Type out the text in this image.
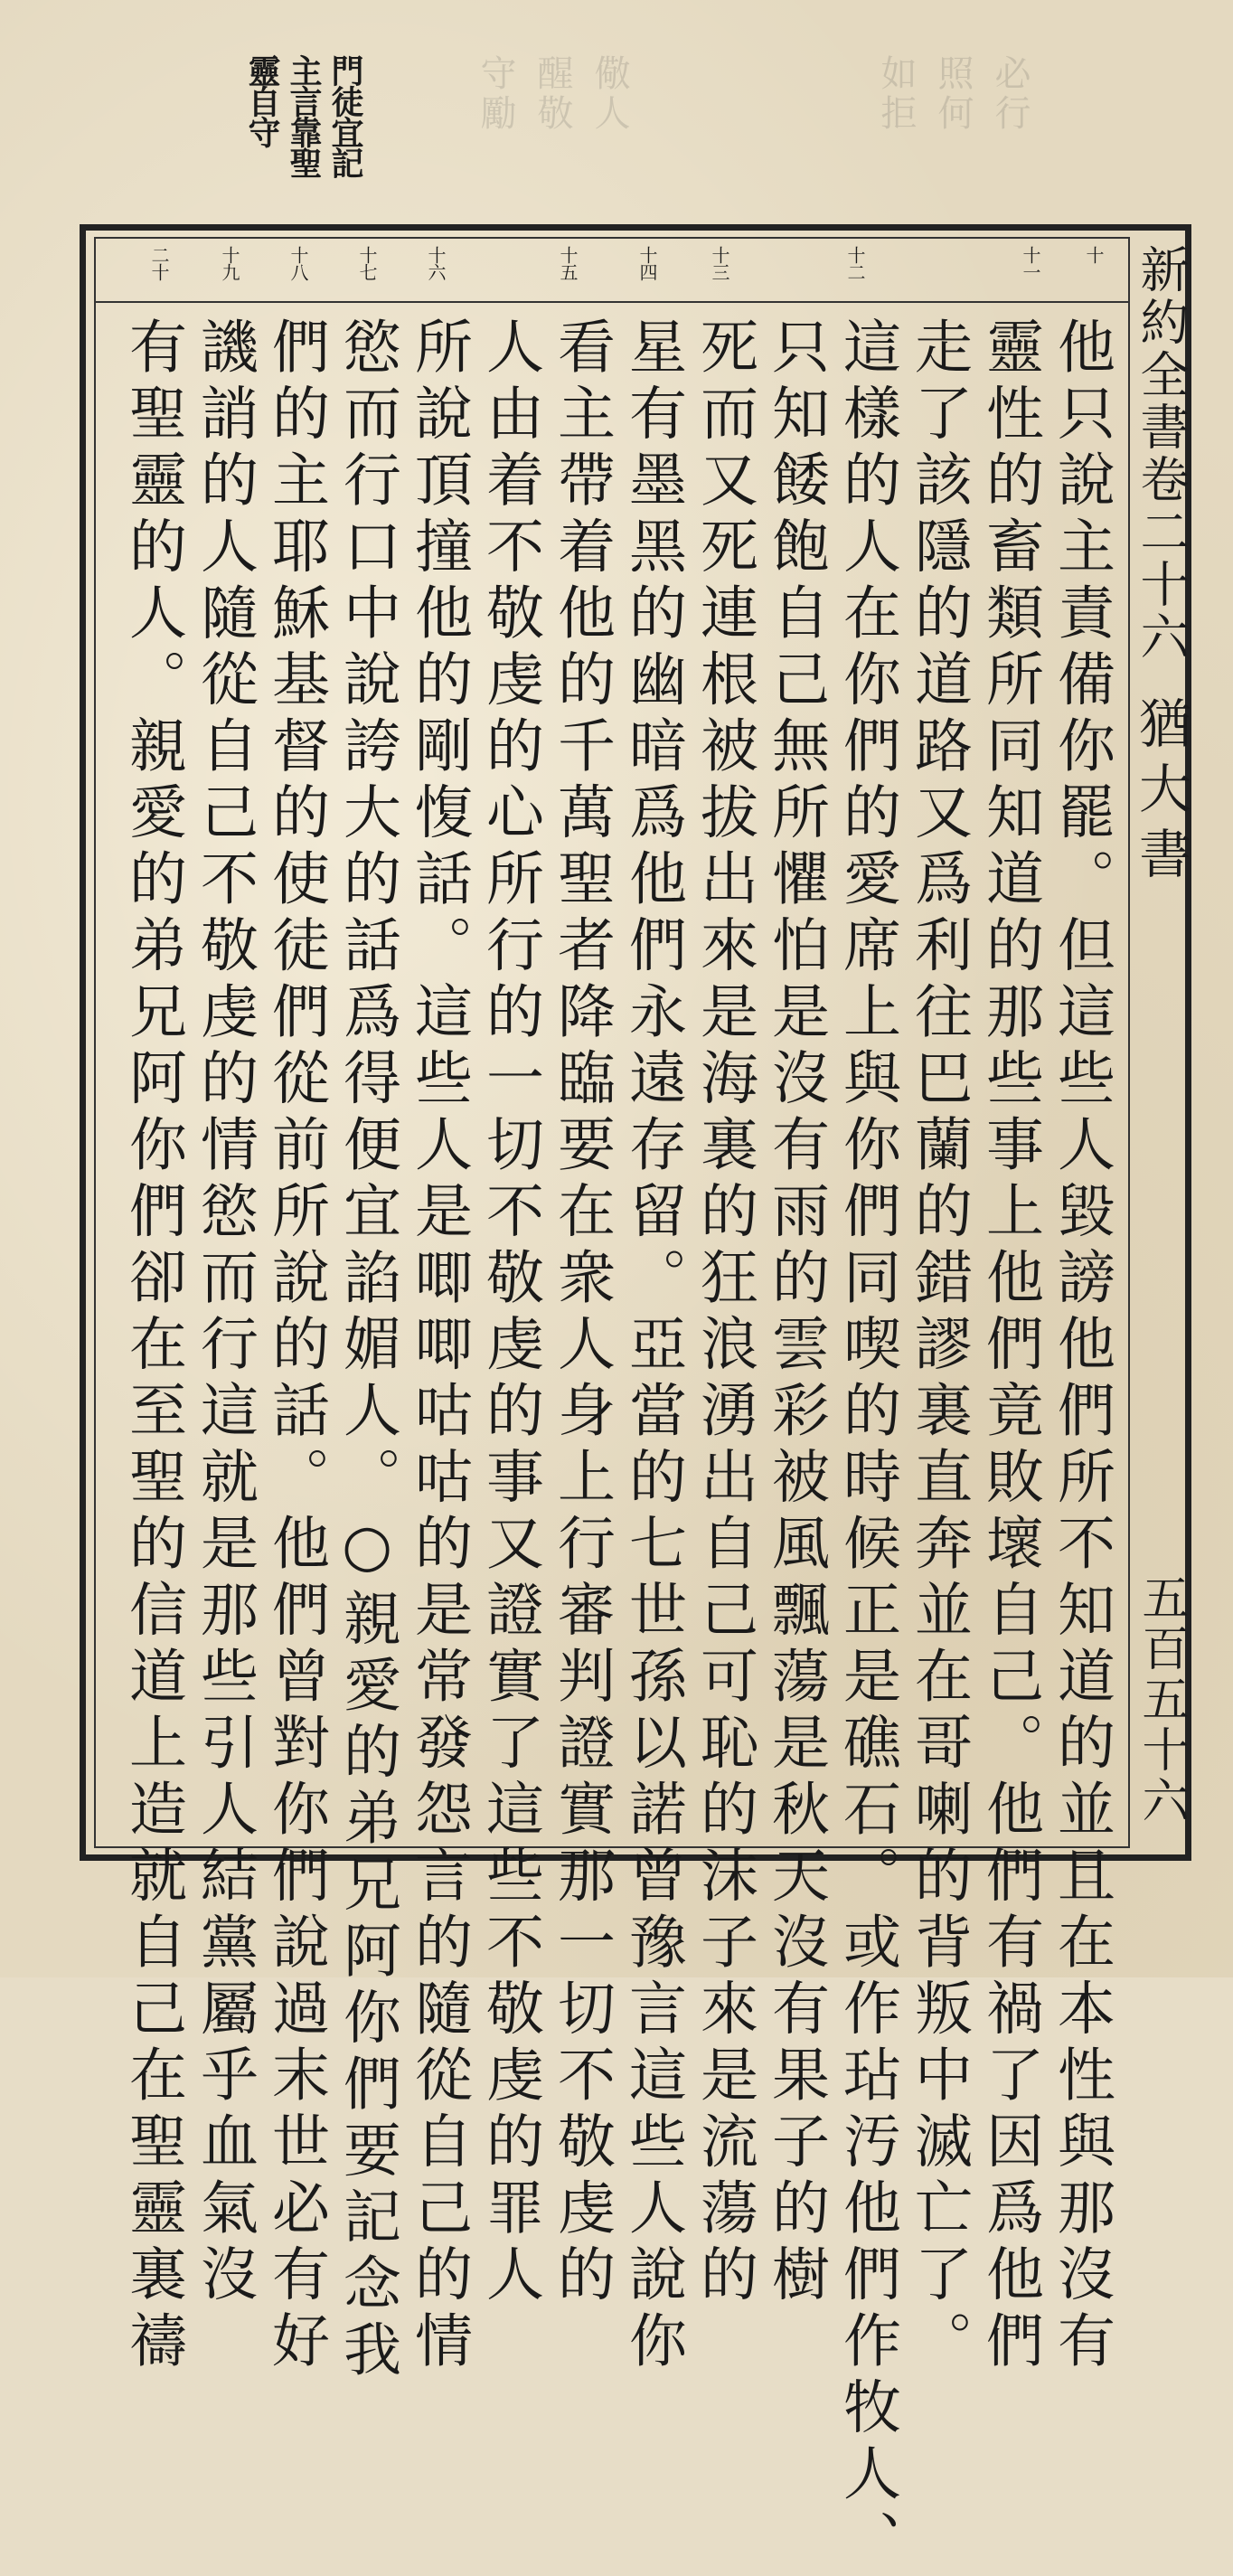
門徒宜記
主言靠聖
靈自守	必行
照何
如拒
儆人
醒敬
守勵
新約全書卷二十六
猶大書
五百五十六
十
十一
十二
十三
十四
十五
十六
十七
十八
十九
二十
他只說主責備你罷。但這些人毀謗他們所不知道的並且在本性與那沒有
靈性的畜類所同知道的那些事上他們竟敗壞自己。他們有禍了因爲他們
走了該隱的道路又爲利往巴蘭的錯謬裏直奔並在哥喇的背叛中滅亡了。
這樣的人在你們的愛席上與你們同喫的時候正是礁石。或作玷汚他們作牧人、
只知餧飽自己無所懼怕是沒有雨的雲彩被風飄蕩是秋天沒有果子的樹
死而又死連根被拔出來是海裏的狂浪湧出自己可恥的沫子來是流蕩的
星有墨黑的幽暗爲他們永遠存留。亞當的七世孫以諾曾豫言這些人說你
看主帶着他的千萬聖者降臨要在衆人身上行審判證實那一切不敬虔的
人由着不敬虔的心所行的一切不敬虔的事又證實了這些不敬虔的罪人
所說頂撞他的剛愎話。這些人是唧唧咕咕的是常發怨言的隨從自己的情
慾而行口中說誇大的話爲得便宜諂媚人。○親愛的弟兄阿你們要記念我
們的主耶穌基督的使徒們從前所說的話。他們曾對你們說過末世必有好
譏誚的人隨從自己不敬虔的情慾而行這就是那些引人結黨屬乎血氣沒
有聖靈的人。親愛的弟兄阿你們卻在至聖的信道上造就自己在聖靈裏禱
